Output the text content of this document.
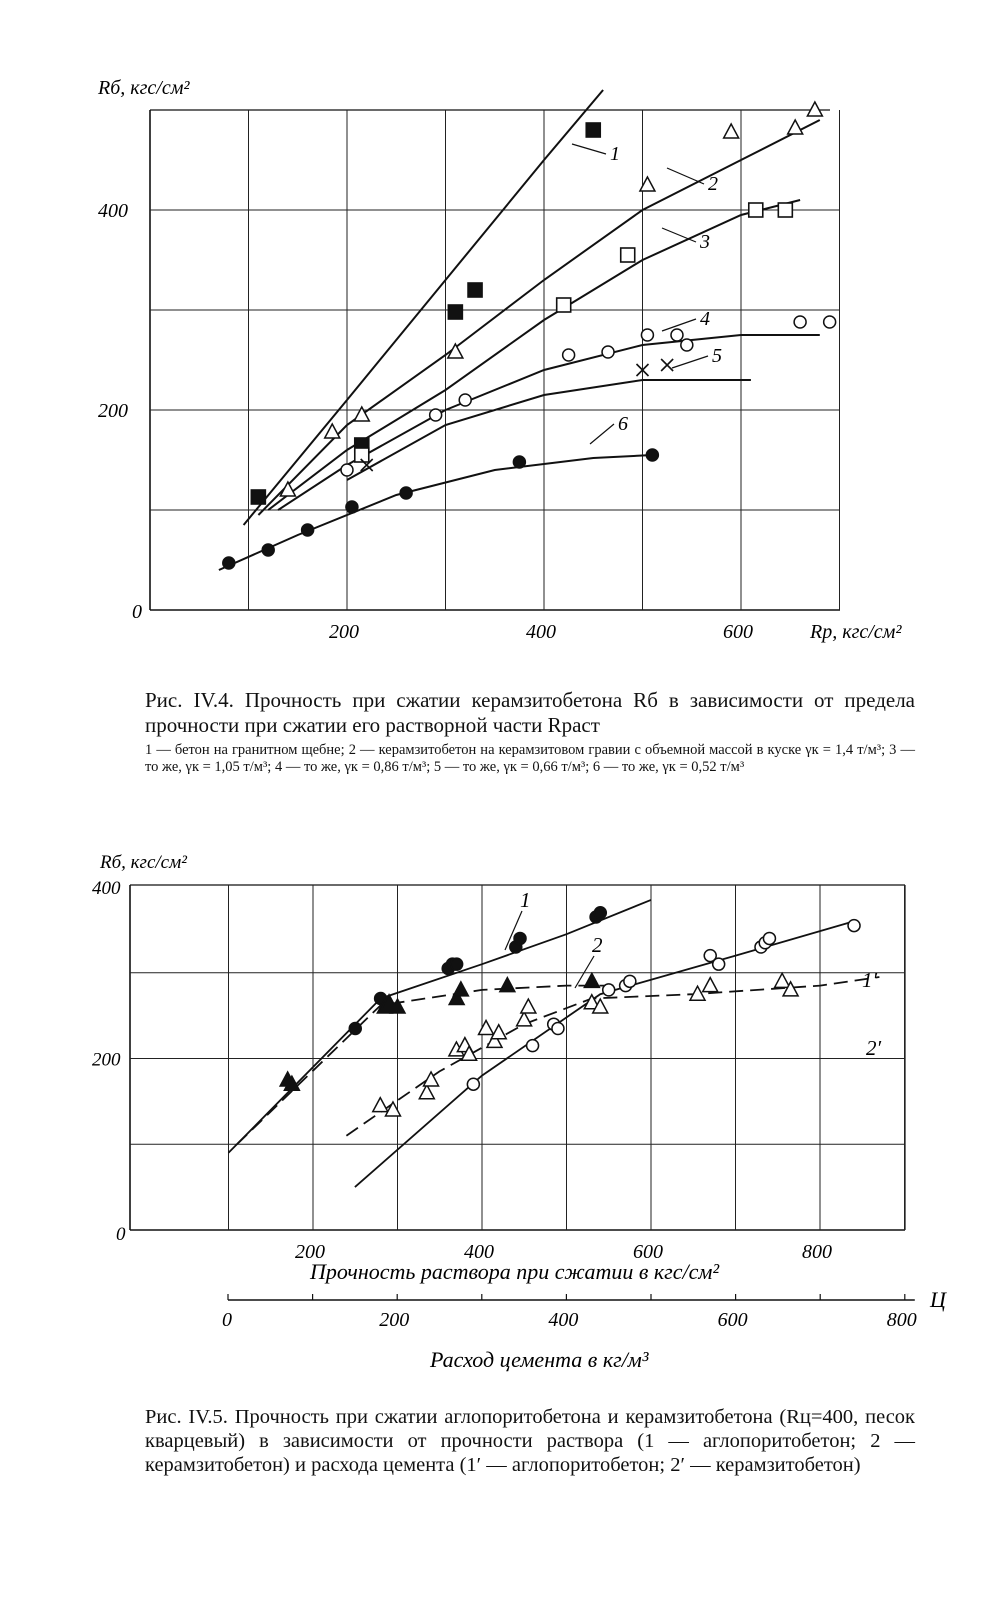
200	400	600
200
400
1
2
3
4
5
6
Rб, кгс/см²
Rр, кгс/см²
0
Рис. IV.4. Прочность при сжатии керамзитобетона Rб в зависимости от предела прочности при сжатии его растворной части Rраст
1 — бетон на гранитном щебне; 2 — керамзитобетон на керамзитовом гравии с объемной массой в куске γк = 1,4 т/м³; 3 — то же, γк = 1,05 т/м³; 4 — то же, γк = 0,86 т/м³; 5 — то же, γк = 0,66 т/м³; 6 — то же, γк = 0,52 т/м³
200	400	600	800
200
400
0	200	400	600	800
1
2
1′
2′
Rб, кгс/см²
Прочность раствора при сжатии в кгс/см²
Расход цемента в кг/м³
0
Ц
Рис. IV.5. Прочность при сжатии аглопоритобетона и керамзитобетона (Rц=400, песок кварцевый) в зависимости от прочности раствора (1 — аглопоритобетон; 2 — керамзитобетон) и расхода цемента (1′ — аглопоритобетон; 2′ — керамзитобетон)
